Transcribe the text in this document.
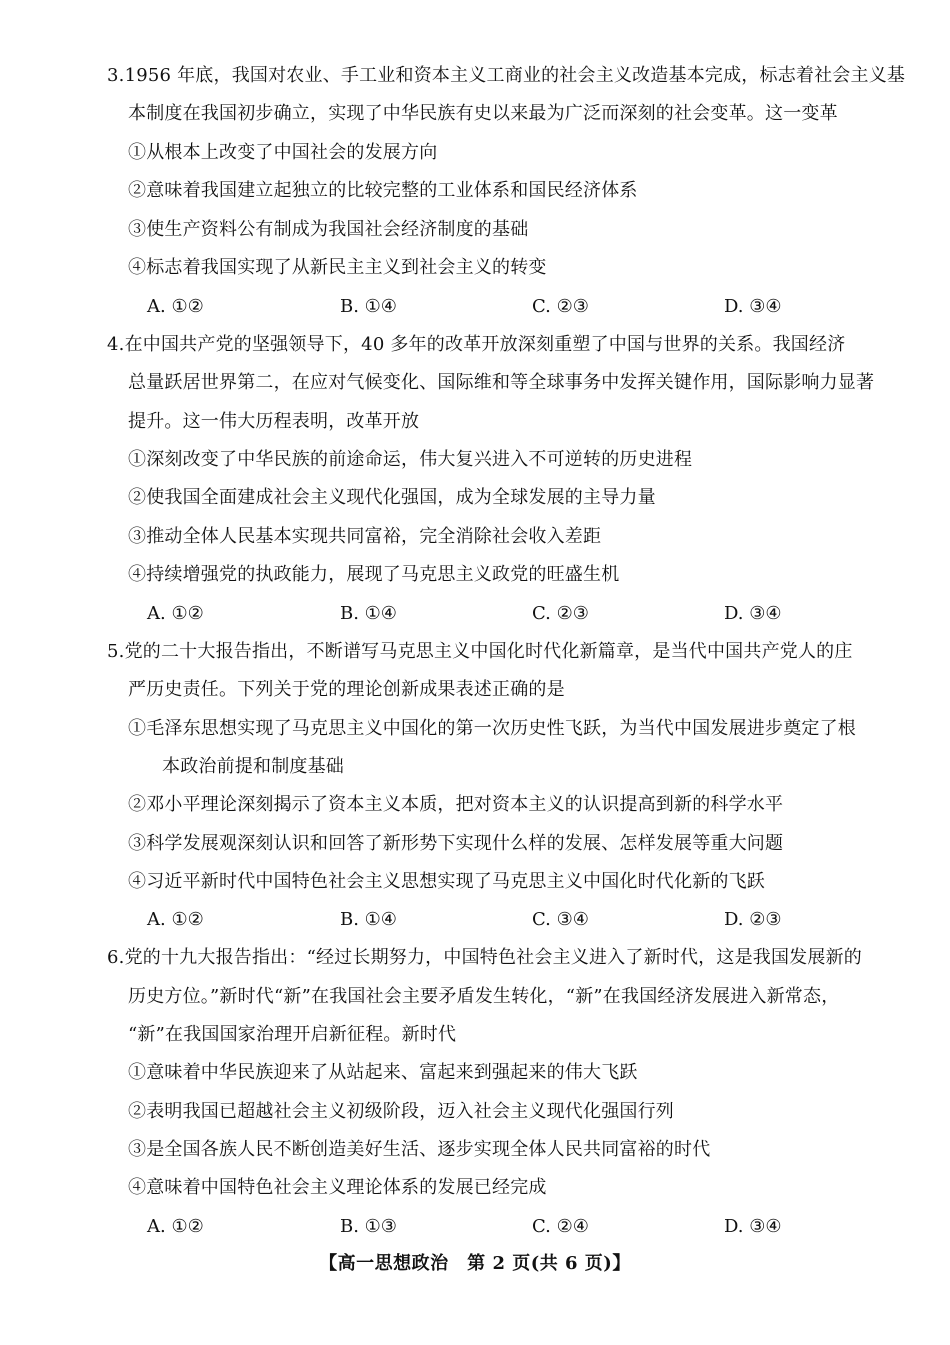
3.1956 年底，我国对农业、手工业和资本主义工商业的社会主义改造基本完成，标志着社会主义基
本制度在我国初步确立，实现了中华民族有史以来最为广泛而深刻的社会变革。这一变革
①从根本上改变了中国社会的发展方向
②意味着我国建立起独立的比较完整的工业体系和国民经济体系
③使生产资料公有制成为我国社会经济制度的基础
④标志着我国实现了从新民主主义到社会主义的转变
A. ①②	B. ①④	C. ②③	D. ③④
4.在中国共产党的坚强领导下，40 多年的改革开放深刻重塑了中国与世界的关系。我国经济
总量跃居世界第二，在应对气候变化、国际维和等全球事务中发挥关键作用，国际影响力显著
提升。这一伟大历程表明，改革开放
①深刻改变了中华民族的前途命运，伟大复兴进入不可逆转的历史进程
②使我国全面建成社会主义现代化强国，成为全球发展的主导力量
③推动全体人民基本实现共同富裕，完全消除社会收入差距
④持续增强党的执政能力，展现了马克思主义政党的旺盛生机
A. ①②	B. ①④	C. ②③	D. ③④
5.党的二十大报告指出，不断谱写马克思主义中国化时代化新篇章，是当代中国共产党人的庄
严历史责任。下列关于党的理论创新成果表述正确的是
①毛泽东思想实现了马克思主义中国化的第一次历史性飞跃，为当代中国发展进步奠定了根
本政治前提和制度基础
②邓小平理论深刻揭示了资本主义本质，把对资本主义的认识提高到新的科学水平
③科学发展观深刻认识和回答了新形势下实现什么样的发展、怎样发展等重大问题
④习近平新时代中国特色社会主义思想实现了马克思主义中国化时代化新的飞跃
A. ①②	B. ①④	C. ③④	D. ②③
6.党的十九大报告指出：“经过长期努力，中国特色社会主义进入了新时代，这是我国发展新的
历史方位。”新时代“新”在我国社会主要矛盾发生转化，“新”在我国经济发展进入新常态，
“新”在我国国家治理开启新征程。新时代
①意味着中华民族迎来了从站起来、富起来到强起来的伟大飞跃
②表明我国已超越社会主义初级阶段，迈入社会主义现代化强国行列
③是全国各族人民不断创造美好生活、逐步实现全体人民共同富裕的时代
④意味着中国特色社会主义理论体系的发展已经完成
A. ①②	B. ①③	C. ②④	D. ③④
【高一思想政治　第 2 页(共 6 页)】
